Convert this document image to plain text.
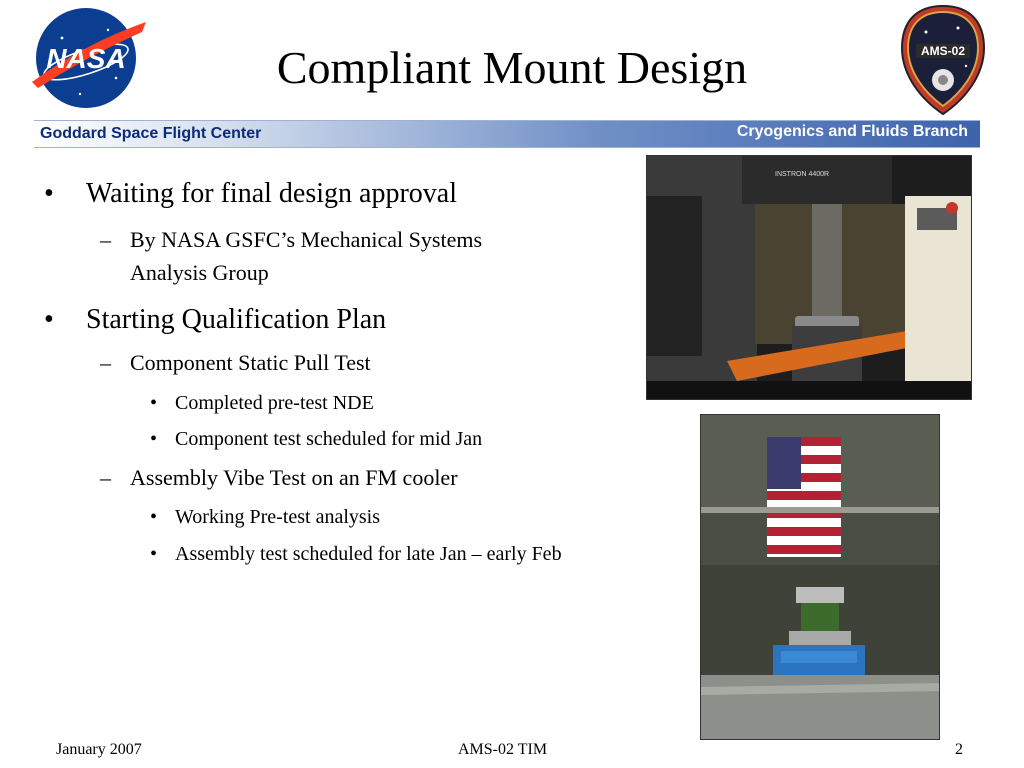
NASA	Compliant Mount Design	AMS-02
Goddard Space Flight Center	Cryogenics and Fluids Branch
• Waiting for final design approval
– By NASA GSFC’s Mechanical Systems
Analysis Group
• Starting Qualification Plan
– Component Static Pull Test
• Completed pre-test NDE
• Component test scheduled for mid Jan
– Assembly Vibe Test on an FM cooler
• Working Pre-test analysis
• Assembly test scheduled for late Jan – early Feb
INSTRON 4400R
January 2007	AMS-02 TIM	2
